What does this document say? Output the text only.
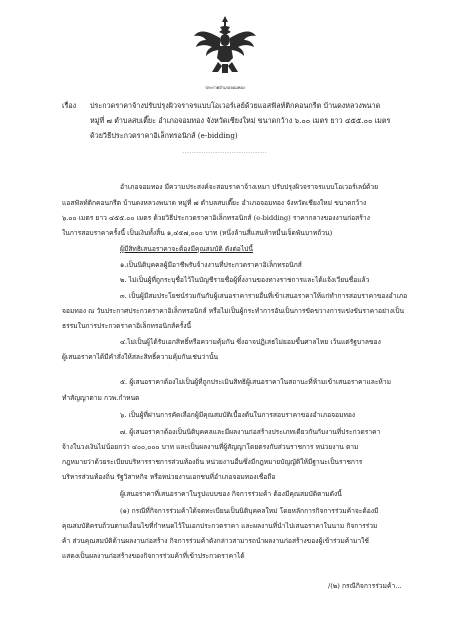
ประกาศอำเภอจอมทอง
เรื่อง ประกวดราคาจ้างปรับปรุงผิวจราจรแบบโอเวอร์เลย์ด้วยแอสฟัลท์ติกคอนกรีต บ้านดงหลวงพนาด
หมู่ที่ ๗ ตำบลสบเตี๊ยะ อำเภอจอมทอง จังหวัดเชียงใหม่ ขนาดกว้าง ๖.๐๐ เมตร ยาว ๔๕๕.๐๐ เมตร
ด้วยวิธีประกวดราคาอิเล็กทรอนิกส์ (e-bidding)
------------------------------------
อำเภอจอมทอง มีความประสงค์จะสอบราคาจ้างเหมา ปรับปรุงผิวจราจรแบบโอเวอร์เลย์ด้วย
แอสฟัลท์ติกคอนกรีต บ้านดงหลวงพนาด หมู่ที่ ๗ ตำบลสบเตี๊ยะ อำเภอจอมทอง จังหวัดเชียงใหม่ ขนาดกว้าง
๖.๐๐ เมตร ยาว ๔๕๕.๐๐ เมตร ด้วยวิธีประกวดราคาอิเล็กทรอนิกส์ (e-bidding) ราคากลางของงานก่อสร้าง
ในการสอบราคาครั้งนี้ เป็นเงินทั้งสิ้น ๑,๔๕๗,๐๐๐ บาท (หนึ่งล้านสี่แสนห้าหมื่นเจ็ดพันบาทถ้วน)
ผู้มีสิทธิเสนอราคาจะต้องมีคุณสมบัติ ดังต่อไปนี้
๑.เป็นนิติบุคคลผู้มีอาชีพรับจ้างงานที่ประกวดราคาอิเล็กทรอนิกส์
๒. ไม่เป็นผู้ที่ถูกระบุชื่อไว้ในบัญชีรายชื่อผู้ทิ้งงานของทางราชการและได้แจ้งเวียนชื่อแล้ว
๓. เป็นผู้มีสมประโยชน์ร่วมกันกับผู้เสนอราคารายอื่นที่เข้าเสนอราคาให้แก่ทำการสอบราคาของอำเภอ
จอมทอง ณ วันประกาศประกวดราคาอิเล็กทรอนิกส์ หรือไม่เป็นผู้กระทำการอันเป็นการขัดขวางการแข่งขันราคาอย่างเป็น
ธรรมในการประกวดราคาอิเล็กทรอนิกส์ครั้งนี้
๔.ไม่เป็นผู้ได้รับเอกสิทธิ์หรือความคุ้มกัน ซึ่งอาจปฏิเสธไม่ยอมขึ้นศาลไทย เว้นแต่รัฐบาลของ
ผู้เสนอราคาได้มีคำสั่งให้สละสิทธิ์ความคุ้มกันเช่นว่านั้น
๕. ผู้เสนอราคาต้องไม่เป็นผู้ที่ถูกประเมินสิทธิผู้เสนอราคาในสถานะที่ห้ามเข้าเสนอราคาและห้าม
ทำสัญญาตาม กวพ.กำหนด
๖. เป็นผู้ที่ผ่านการคัดเลือกผู้มีคุณสมบัติเบื้องต้นในการสอบราคาของอำเภอจอมทอง
๗. ผู้เสนอราคาต้องเป็นนิติบุคคลและมีผลงานก่อสร้างประเภทเดียวกันกับงานที่ประกวดราคา
จ้างในวงเงินไม่น้อยกว่า ๔๐๐,๐๐๐ บาท และเป็นผลงานที่ผู้สัญญาโดยตรงกับส่วนราชการ หน่วยงาน ตาม
กฎหมายว่าด้วยระเบียบบริหารราชการส่วนท้องถิ่น หน่วยงานอื่นซึ่งมีกฎหมายบัญญัติให้มีฐานะเป็นราชการ
บริหารส่วนท้องถิ่น รัฐวิสาหกิจ หรือหน่วยงานเอกชนที่อำเภอจอมทองเชื่อถือ
ผู้เสนอราคาที่เสนอราคาในรูปแบบของ กิจการร่วมค้า ต้องมีคุณสมบัติตามดังนี้
(๑) กรณีที่กิจการร่วมค้าได้จดทะเบียนเป็นนิติบุคคลใหม่ โดยหลักการกิจการร่วมค้าจะต้องมี
คุณสมบัติครบถ้วนตามเงื่อนไขที่กำหนดไว้ในเอกประกวดราคา และผลงานที่นำไปเสนอราคาในนาม กิจการร่วม
ค้า ส่วนคุณสมบัติด้านผลงานก่อสร้าง กิจการร่วมค้าดังกล่าวสามารถนำผลงานก่อสร้างของผู้เข้าร่วมค้ามาใช้
แสดงเป็นผลงานก่อสร้างของกิจการร่วมค้าที่เข้าประกวดราคาได้
/(๒) กรณีกิจการร่วมค้า...
